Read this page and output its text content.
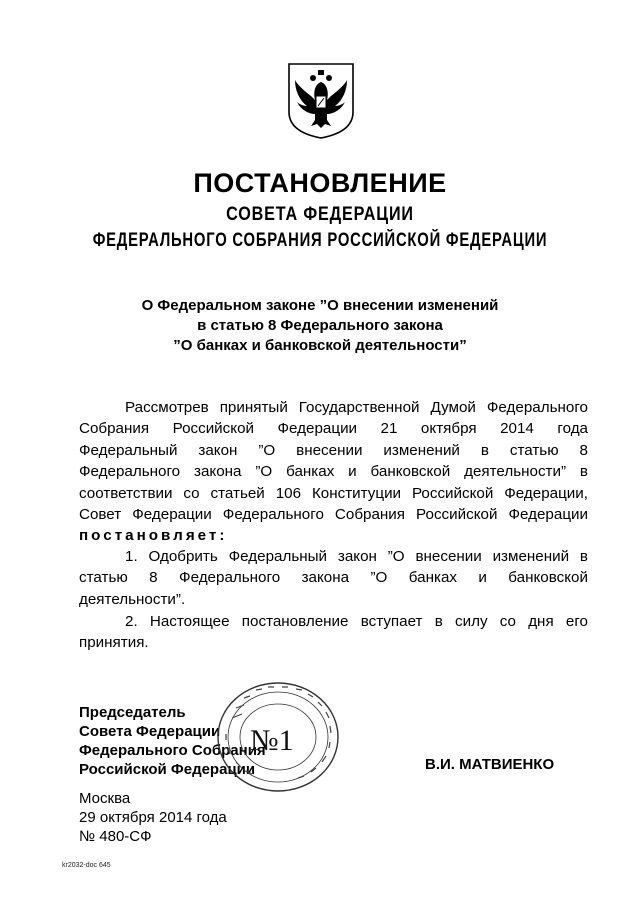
ПОСТАНОВЛЕНИЕ
СОВЕТА ФЕДЕРАЦИИ
ФЕДЕРАЛЬНОГО СОБРАНИЯ РОССИЙСКОЙ ФЕДЕРАЦИИ
О Федеральном законе ”О внесении изменений
в статью 8 Федерального закона
”О банках и банковской деятельности”
Рассмотрев принятый Государственной Думой Федерального
Собрания Российской Федерации 21 октября 2014 года
Федеральный закон ”О внесении изменений в статью 8
Федерального закона ”О банках и банковской деятельности” в
соответствии со статьей 106 Конституции Российской Федерации,
Совет Федерации Федерального Собрания Российской Федерации
постановляет:
1. Одобрить Федеральный закон ”О внесении изменений в
статью 8 Федерального закона ”О банках и банковской
деятельности”.
2. Настоящее постановление вступает в силу со дня его
принятия.
Председатель
Совета Федерации
Федерального Собрания
Российской Федерации
№1
В.И. МАТВИЕНКО
Москва
29 октября 2014 года
№ 480-СФ
kr2032-doc 645
